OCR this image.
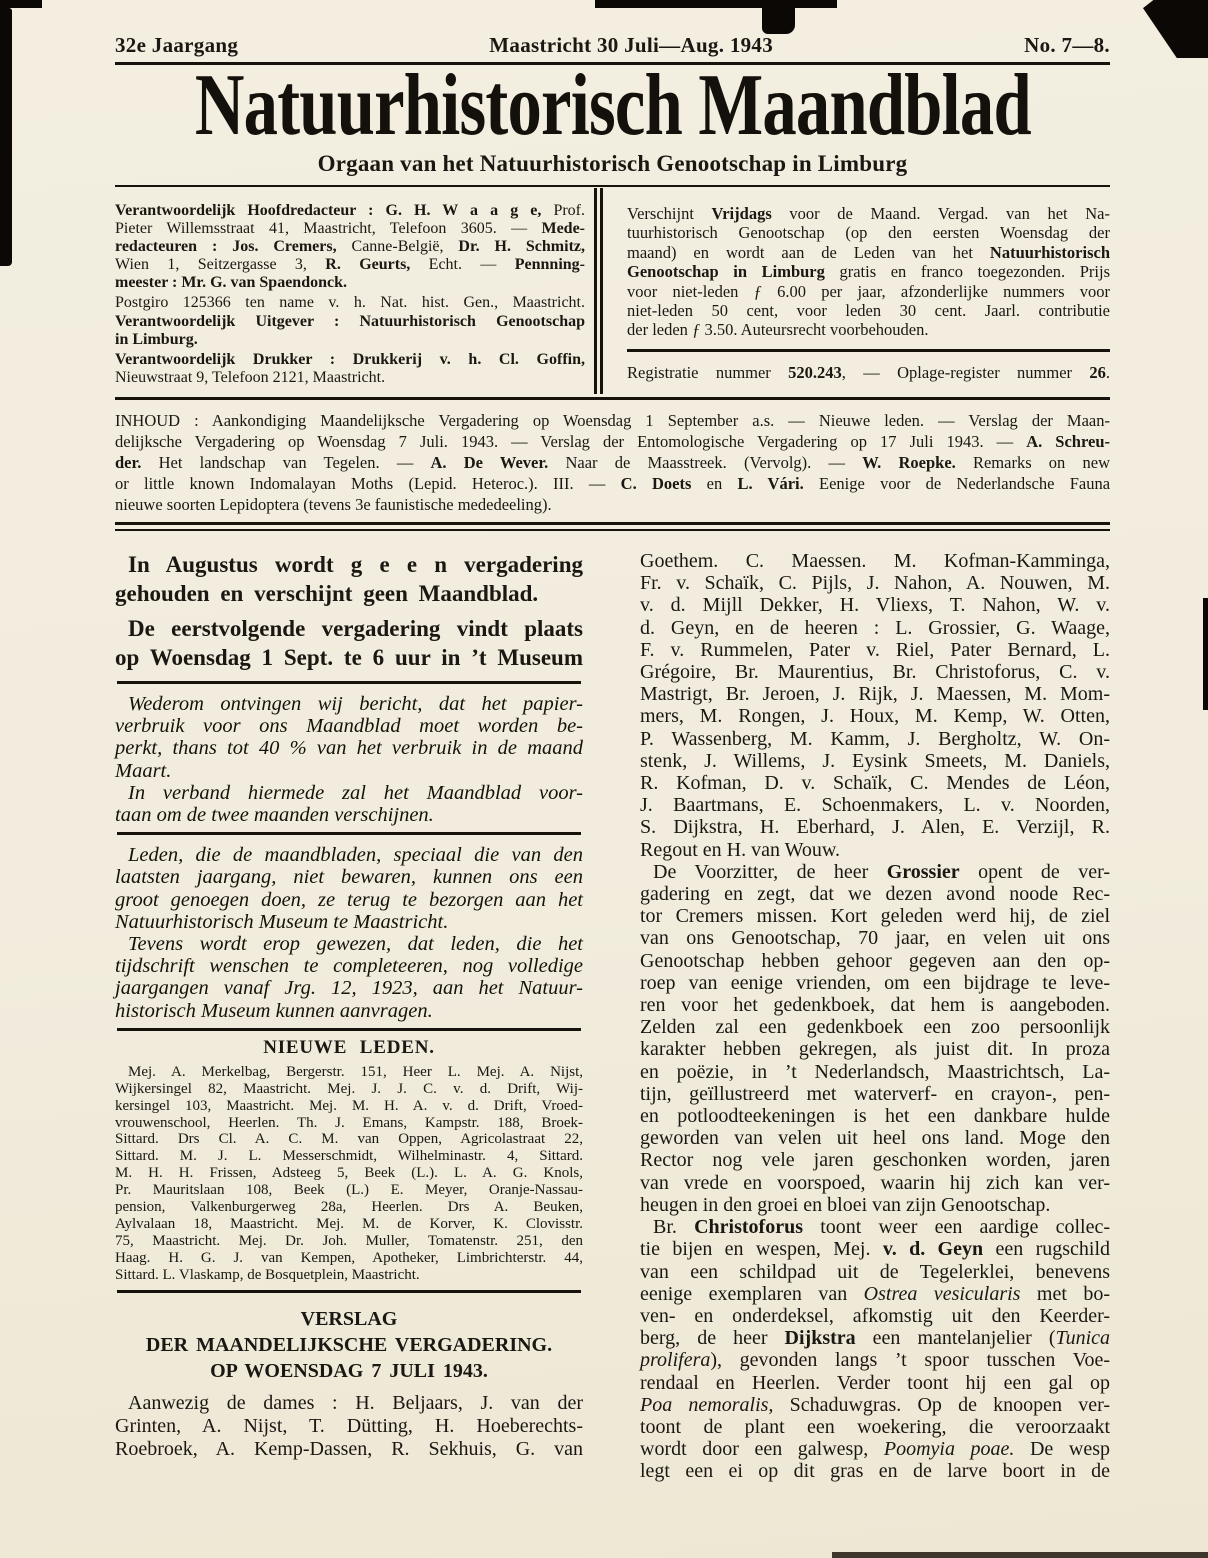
32e Jaargang	Maastricht 30 Juli—Aug. 1943	No. 7—8.
Natuurhistorisch Maandblad
Orgaan van het Natuurhistorisch Genootschap in Limburg
Verantwoordelijk Hoofdredacteur : G. H. W a a g e, Prof.
Pieter Willemsstraat 41, Maastricht, Telefoon 3605. — Mede-
redacteuren : Jos. Cremers, Canne-België, Dr. H. Schmitz,
Wien 1, Seitzergasse 3, R. Geurts, Echt. — Pennning-
meester : Mr. G. van Spaendonck.
Postgiro 125366 ten name v. h. Nat. hist. Gen., Maastricht.
Verantwoordelijk Uitgever : Natuurhistorisch Genootschap
in Limburg.
Verantwoordelijk Drukker : Drukkerij v. h. Cl. Goffin,
Nieuwstraat 9, Telefoon 2121, Maastricht.
Verschijnt Vrijdags voor de Maand. Vergad. van het Na-
tuurhistorisch Genootschap (op den eersten Woensdag der
maand) en wordt aan de Leden van het Natuurhistorisch
Genootschap in Limburg gratis en franco toegezonden. Prijs
voor niet-leden ƒ 6.00 per jaar, afzonderlijke nummers voor
niet-leden 50 cent, voor leden 30 cent. Jaarl. contributie
der leden ƒ 3.50. Auteursrecht voorbehouden.
Registratie nummer 520.243, — Oplage-register nummer 26.
INHOUD : Aankondiging Maandelijksche Vergadering op Woensdag 1 September a.s. — Nieuwe leden. — Verslag der Maan-
delijksche Vergadering op Woensdag 7 Juli. 1943. — Verslag der Entomologische Vergadering op 17 Juli 1943. — A. Schreu-
der. Het landschap van Tegelen. — A. De Wever. Naar de Maasstreek. (Vervolg). — W. Roepke. Remarks on new
or little known Indomalayan Moths (Lepid. Heteroc.). III. — C. Doets en L. Vári. Eenige voor de Nederlandsche Fauna
nieuwe soorten Lepidoptera (tevens 3e faunistische mededeeling).
In Augustus wordt g e e n vergadering
gehouden en verschijnt geen Maandblad.
De eerstvolgende vergadering vindt plaats
op Woensdag 1 Sept. te 6 uur in ’t Museum
Wederom ontvingen wij bericht, dat het papier-
verbruik voor ons Maandblad moet worden be-
perkt, thans tot 40 % van het verbruik in de maand
Maart.
In verband hiermede zal het Maandblad voor-
taan om de twee maanden verschijnen.
Leden, die de maandbladen, speciaal die van den
laatsten jaargang, niet bewaren, kunnen ons een
groot genoegen doen, ze terug te bezorgen aan het
Natuurhistorisch Museum te Maastricht.
Tevens wordt erop gewezen, dat leden, die het
tijdschrift wenschen te completeeren, nog volledige
jaargangen vanaf Jrg. 12, 1923, aan het Natuur-
historisch Museum kunnen aanvragen.
NIEUWE LEDEN.
Mej. A. Merkelbag, Bergerstr. 151, Heer L. Mej. A. Nijst,
Wijkersingel 82, Maastricht. Mej. J. J. C. v. d. Drift, Wij-
kersingel 103, Maastricht. Mej. M. H. A. v. d. Drift, Vroed-
vrouwenschool, Heerlen. Th. J. Emans, Kampstr. 188, Broek-
Sittard. Drs Cl. A. C. M. van Oppen, Agricolastraat 22,
Sittard. M. J. L. Messerschmidt, Wilhelminastr. 4, Sittard.
M. H. H. Frissen, Adsteeg 5, Beek (L.). L. A. G. Knols,
Pr. Mauritslaan 108, Beek (L.) E. Meyer, Oranje-Nassau-
pension, Valkenburgerweg 28a, Heerlen. Drs A. Beuken,
Aylvalaan 18, Maastricht. Mej. M. de Korver, K. Clovisstr.
75, Maastricht. Mej. Dr. Joh. Muller, Tomatenstr. 251, den
Haag. H. G. J. van Kempen, Apotheker, Limbrichterstr. 44,
Sittard. L. Vlaskamp, de Bosquetplein, Maastricht.
VERSLAG
DER MAANDELIJKSCHE VERGADERING.
OP WOENSDAG 7 JULI 1943.
Aanwezig de dames : H. Beljaars, J. van der
Grinten, A. Nijst, T. Dütting, H. Hoeberechts-
Roebroek, A. Kemp-Dassen, R. Sekhuis, G. van
Goethem. C. Maessen. M. Kofman-Kamminga,
Fr. v. Schaïk, C. Pijls, J. Nahon, A. Nouwen, M.
v. d. Mijll Dekker, H. Vliexs, T. Nahon, W. v.
d. Geyn, en de heeren : L. Grossier, G. Waage,
F. v. Rummelen, Pater v. Riel, Pater Bernard, L.
Grégoire, Br. Maurentius, Br. Christoforus, C. v.
Mastrigt, Br. Jeroen, J. Rijk, J. Maessen, M. Mom-
mers, M. Rongen, J. Houx, M. Kemp, W. Otten,
P. Wassenberg, M. Kamm, J. Bergholtz, W. On-
stenk, J. Willems, J. Eysink Smeets, M. Daniels,
R. Kofman, D. v. Schaïk, C. Mendes de Léon,
J. Baartmans, E. Schoenmakers, L. v. Noorden,
S. Dijkstra, H. Eberhard, J. Alen, E. Verzijl, R.
Regout en H. van Wouw.
De Voorzitter, de heer Grossier opent de ver-
gadering en zegt, dat we dezen avond noode Rec-
tor Cremers missen. Kort geleden werd hij, de ziel
van ons Genootschap, 70 jaar, en velen uit ons
Genootschap hebben gehoor gegeven aan den op-
roep van eenige vrienden, om een bijdrage te leve-
ren voor het gedenkboek, dat hem is aangeboden.
Zelden zal een gedenkboek een zoo persoonlijk
karakter hebben gekregen, als juist dit. In proza
en poëzie, in ’t Nederlandsch, Maastrichtsch, La-
tijn, geïllustreerd met waterverf- en crayon-, pen-
en potloodteekeningen is het een dankbare hulde
geworden van velen uit heel ons land. Moge den
Rector nog vele jaren geschonken worden, jaren
van vrede en voorspoed, waarin hij zich kan ver-
heugen in den groei en bloei van zijn Genootschap.
Br. Christoforus toont weer een aardige collec-
tie bijen en wespen, Mej. v. d. Geyn een rugschild
van een schildpad uit de Tegelerklei, benevens
eenige exemplaren van Ostrea vesicularis met bo-
ven- en onderdeksel, afkomstig uit den Keerder-
berg, de heer Dijkstra een mantelanjelier (Tunica
prolifera), gevonden langs ’t spoor tusschen Voe-
rendaal en Heerlen. Verder toont hij een gal op
Poa nemoralis, Schaduwgras. Op de knoopen ver-
toont de plant een woekering, die veroorzaakt
wordt door een galwesp, Poomyia poae. De wesp
legt een ei op dit gras en de larve boort in de
